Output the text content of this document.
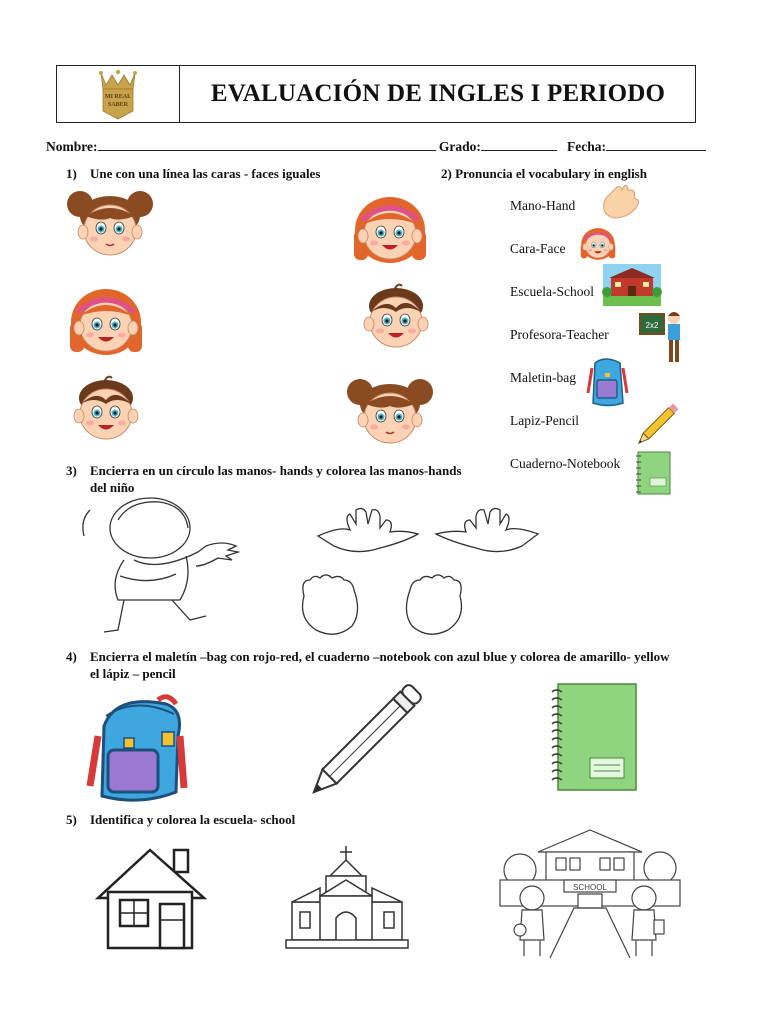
MI REAL
SABER	EVALUACIÓN DE INGLES I PERIODO
Nombre:	Grado:	Fecha:
1) Une con una línea las caras - faces iguales
2x2
SCHOOL
2) Pronuncia el vocabulary in english
Mano-Hand
Cara-Face
Escuela-School
Profesora-Teacher
Maletin-bag
Lapiz-Pencil
Cuaderno-Notebook
3) Encierra en un círculo las manos- hands y colorea las manos-hands
del niño
4) Encierra el maletín –bag con rojo-red, el cuaderno –notebook con azul blue y colorea de amarillo- yellow
el lápiz – pencil
5) Identifica y colorea la escuela- school
